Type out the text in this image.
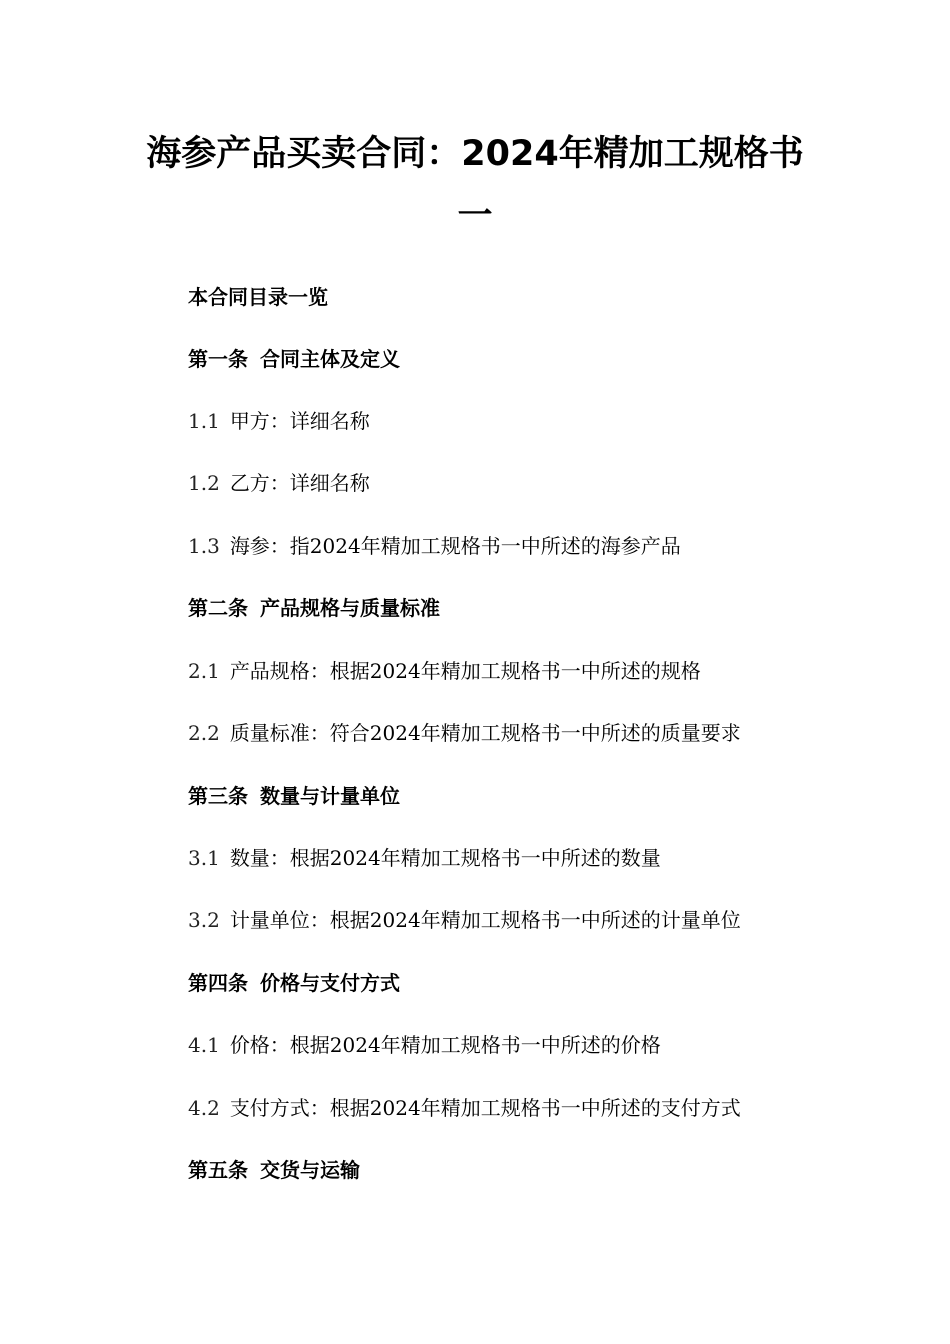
海参产品买卖合同：2024年精加工规格书
一
本合同目录一览
第一条 合同主体及定义
1.1 甲方：详细名称
1.2 乙方：详细名称
1.3 海参：指2024年精加工规格书一中所述的海参产品
第二条 产品规格与质量标准
2.1 产品规格：根据2024年精加工规格书一中所述的规格
2.2 质量标准：符合2024年精加工规格书一中所述的质量要求
第三条 数量与计量单位
3.1 数量：根据2024年精加工规格书一中所述的数量
3.2 计量单位：根据2024年精加工规格书一中所述的计量单位
第四条 价格与支付方式
4.1 价格：根据2024年精加工规格书一中所述的价格
4.2 支付方式：根据2024年精加工规格书一中所述的支付方式
第五条 交货与运输
